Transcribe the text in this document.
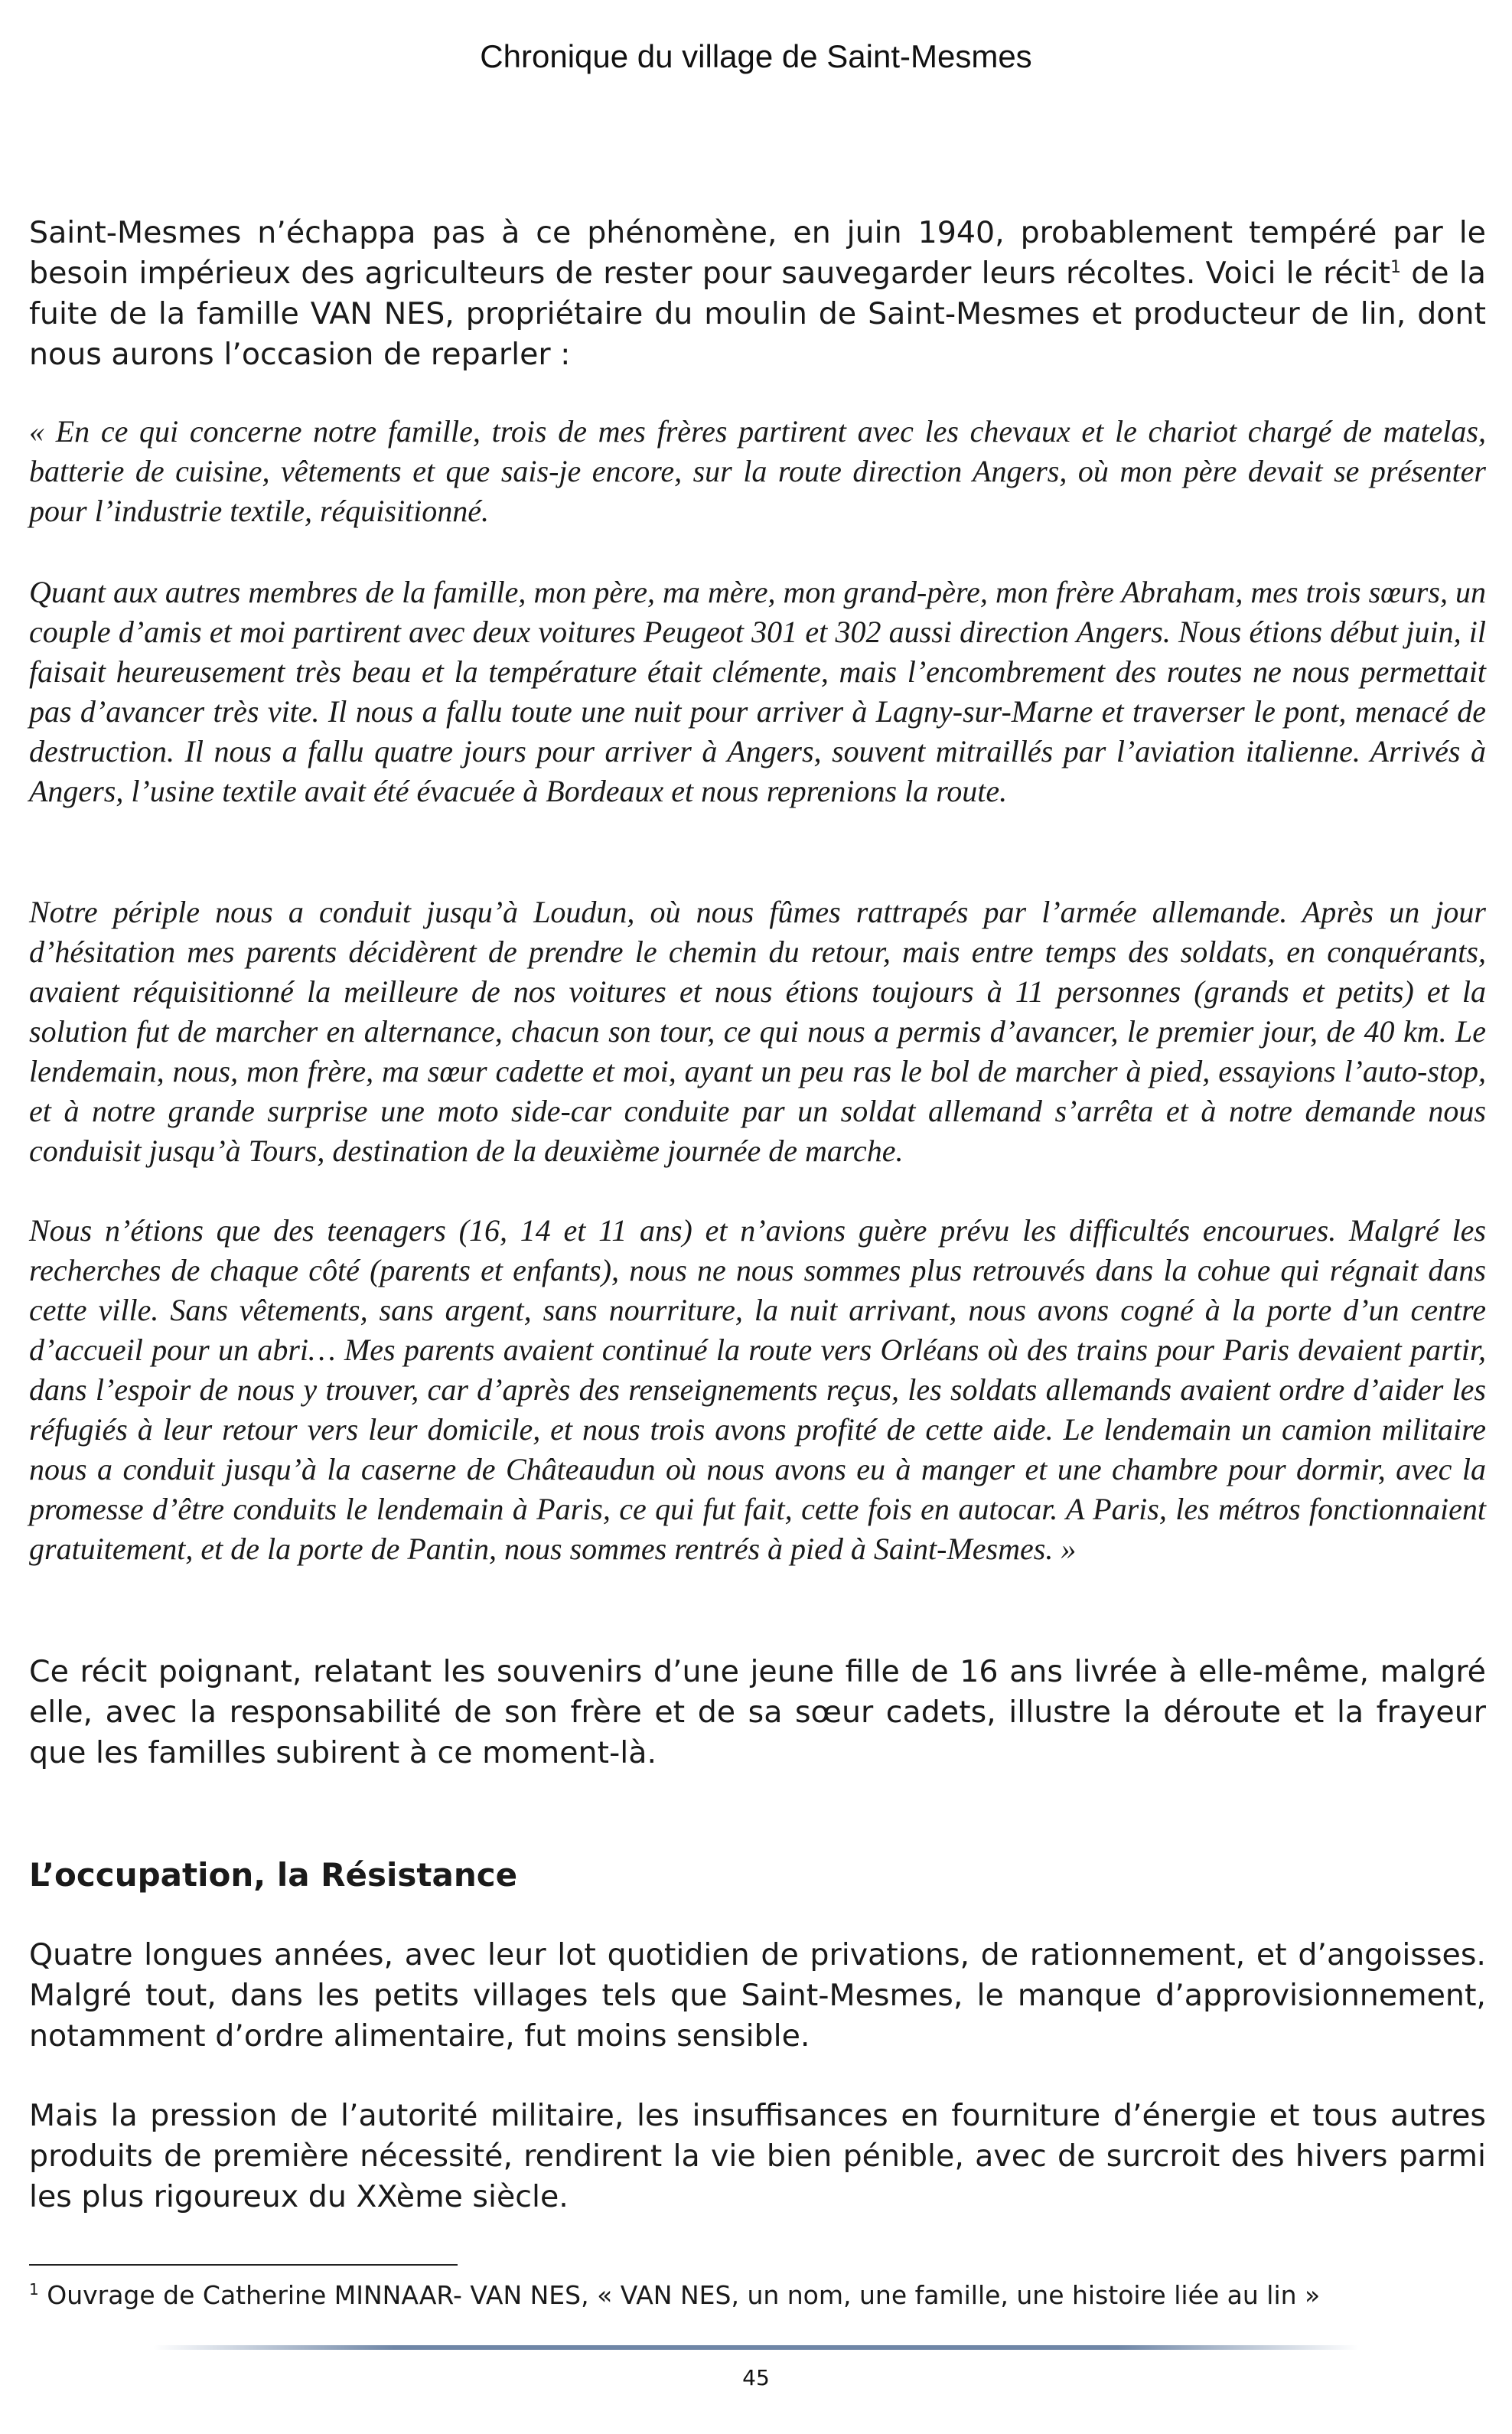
Chronique du village de Saint-Mesmes

Saint-Mesmes n’échappa pas à ce phénomène, en juin 1940, probablement tempéré par le besoin impérieux des agriculteurs de rester pour sauvegarder leurs récoltes. Voici le récit$^1$ de la fuite de la famille VAN NES, propriétaire du moulin de Saint-Mesmes et producteur de lin, dont nous aurons l’occasion de reparler :

« En ce qui concerne notre famille, trois de mes frères partirent avec les chevaux et le chariot chargé de matelas, batterie de cuisine, vêtements et que sais-je encore, sur la route direction Angers, où mon père devait se présenter pour l’industrie textile, réquisitionné.

Quant aux autres membres de la famille, mon père, ma mère, mon grand-père, mon frère Abraham, mes trois sœurs, un couple d’amis et moi partirent avec deux voitures Peugeot 301 et 302 aussi direction Angers. Nous étions début juin, il faisait heureusement très beau et la température était clémente, mais l’encombrement des routes ne nous permettait pas d’avancer très vite. Il nous a fallu toute une nuit pour arriver à Lagny-sur-Marne et traverser le pont, menacé de destruction. Il nous a fallu quatre jours pour arriver à Angers, souvent mitraillés par l’aviation italienne. Arrivés à Angers, l’usine textile avait été évacuée à Bordeaux et nous reprenions la route.

Notre périple nous a conduit jusqu’à Loudun, où nous fûmes rattrapés par l’armée allemande. Après un jour d’hésitation mes parents décidèrent de prendre le chemin du retour, mais entre temps des soldats, en conquérants, avaient réquisitionné la meilleure de nos voitures et nous étions toujours à 11 personnes (grands et petits) et la solution fut de marcher en alternance, chacun son tour, ce qui nous a permis d’avancer, le premier jour, de 40 km. Le lendemain, nous, mon frère, ma sœur cadette et moi, ayant un peu ras le bol de marcher à pied, essayions l’auto-stop, et à notre grande surprise une moto side-car conduite par un soldat allemand s’arrêta et à notre demande nous conduisit jusqu’à Tours, destination de la deuxième journée de marche.

Nous n’étions que des teenagers (16, 14 et 11 ans) et n’avions guère prévu les difficultés encourues. Malgré les recherches de chaque côté (parents et enfants), nous ne nous sommes plus retrouvés dans la cohue qui régnait dans cette ville. Sans vêtements, sans argent, sans nourriture, la nuit arrivant, nous avons cogné à la porte d’un centre d’accueil pour un abri… Mes parents avaient continué la route vers Orléans où des trains pour Paris devaient partir, dans l’espoir de nous y trouver, car d’après des renseignements reçus, les soldats allemands avaient ordre d’aider les réfugiés à leur retour vers leur domicile, et nous trois avons profité de cette aide. Le lendemain un camion militaire nous a conduit jusqu’à la caserne de Châteaudun où nous avons eu à manger et une chambre pour dormir, avec la promesse d’être conduits le lendemain à Paris, ce qui fut fait, cette fois en autocar. A Paris, les métros fonctionnaient gratuitement, et de la porte de Pantin, nous sommes rentrés à pied à Saint-Mesmes. »

Ce récit poignant, relatant les souvenirs d’une jeune fille de 16 ans livrée à elle-même, malgré elle, avec la responsabilité de son frère et de sa sœur cadets, illustre la déroute et la frayeur que les familles subirent à ce moment-là.

L’occupation, la Résistance

Quatre longues années, avec leur lot quotidien de privations, de rationnement, et d’angoisses. Malgré tout, dans les petits villages tels que Saint-Mesmes, le manque d’approvisionnement, notamment d’ordre alimentaire, fut moins sensible.

Mais la pression de l’autorité militaire, les insuffisances en fourniture d’énergie et tous autres produits de première nécessité, rendirent la vie bien pénible, avec de surcroit des hivers parmi les plus rigoureux du XXème siècle.

$^1$ Ouvrage de Catherine MINNAAR- VAN NES, « VAN NES, un nom, une famille, une histoire liée au lin »

45
